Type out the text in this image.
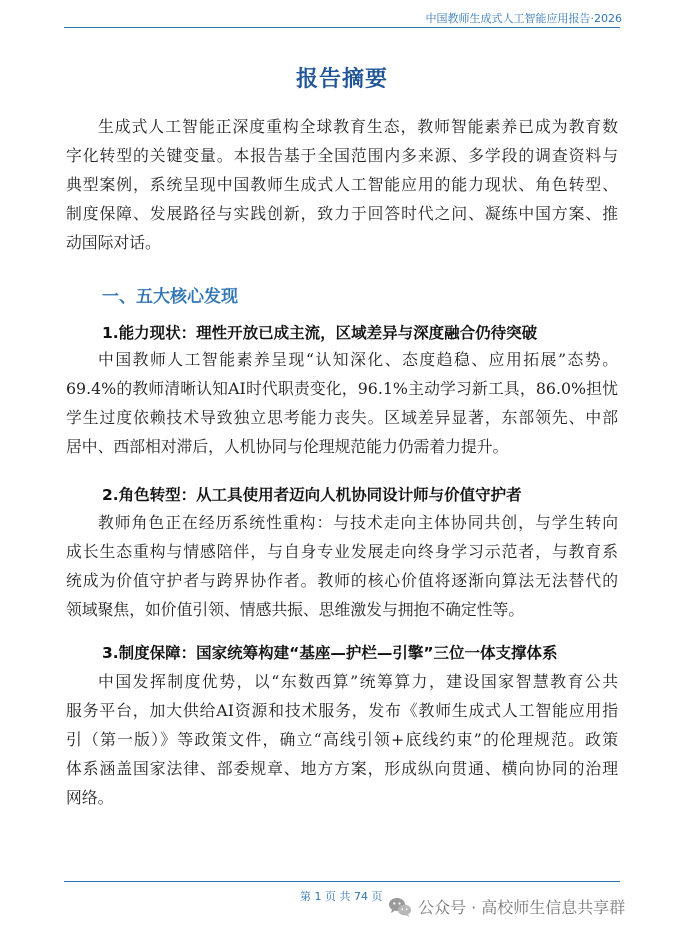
中国教师生成式人工智能应用报告·2026
报告摘要
生成式人工智能正深度重构全球教育生态，教师智能素养已成为教育数
字化转型的关键变量。本报告基于全国范围内多来源、多学段的调查资料与
典型案例，系统呈现中国教师生成式人工智能应用的能力现状、角色转型、
制度保障、发展路径与实践创新，致力于回答时代之问、凝练中国方案、推
动国际对话。
一、五大核心发现
1.能力现状：理性开放已成主流，区域差异与深度融合仍待突破
中国教师人工智能素养呈现“认知深化、态度趋稳、应用拓展”态势。
69.4%的教师清晰认知AI时代职责变化，96.1%主动学习新工具，86.0%担忧
学生过度依赖技术导致独立思考能力丧失。区域差异显著，东部领先、中部
居中、西部相对滞后，人机协同与伦理规范能力仍需着力提升。
2.角色转型：从工具使用者迈向人机协同设计师与价值守护者
教师角色正在经历系统性重构：与技术走向主体协同共创，与学生转向
成长生态重构与情感陪伴，与自身专业发展走向终身学习示范者，与教育系
统成为价值守护者与跨界协作者。教师的核心价值将逐渐向算法无法替代的
领域聚焦，如价值引领、情感共振、思维激发与拥抱不确定性等。
3.制度保障：国家统筹构建“基座—护栏—引擎”三位一体支撑体系
中国发挥制度优势，以“东数西算”统筹算力，建设国家智慧教育公共
服务平台，加大供给AI资源和技术服务，发布《教师生成式人工智能应用指
引（第一版）》等政策文件，确立“高线引领+底线约束”的伦理规范。政策
体系涵盖国家法律、部委规章、地方方案，形成纵向贯通、横向协同的治理
网络。
第 1 页 共 74 页
公众号 · 高校师生信息共享群
